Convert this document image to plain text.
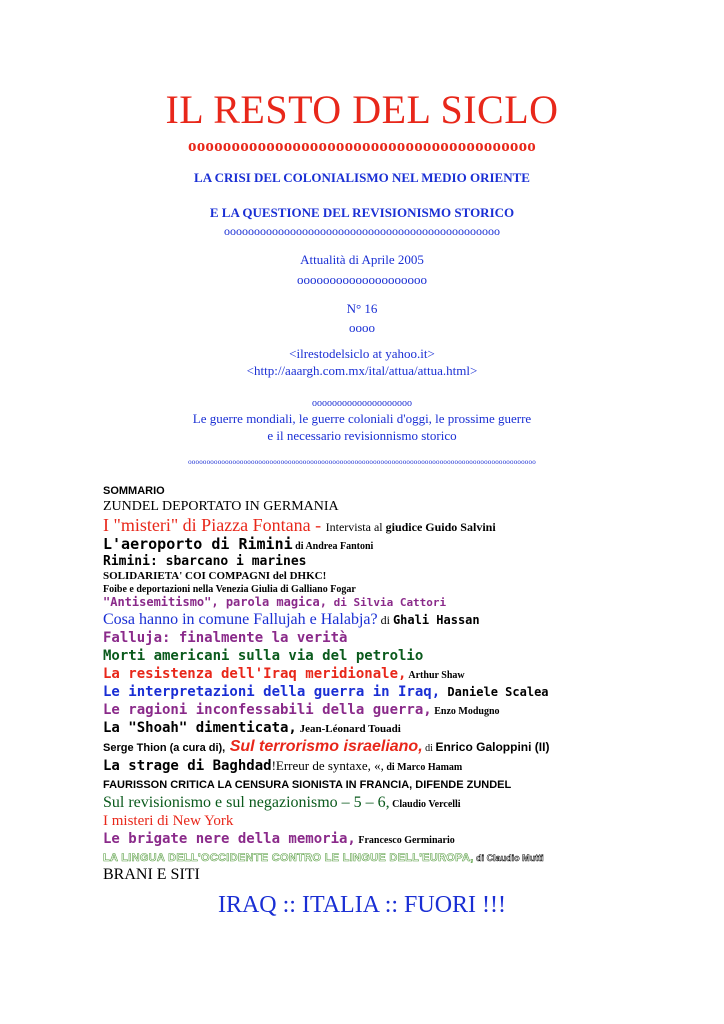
IL RESTO DEL SICLO
oooooooooooooooooooooooooooooooooooooooo
LA CRISI DEL COLONIALISMO NEL MEDIO ORIENTE
E LA QUESTIONE DEL REVISIONISMO STORICO
oooooooooooooooooooooooooooooooooooooooooooooo
Attualità di Aprile 2005
oooooooooooooooooooo
N° 16
oooo
<ilrestodelsiclo at yahoo.it>
<http://aaargh.com.mx/ital/attua/attua.html>
oooooooooooooooooooo
Le guerre mondiali, le guerre coloniali d'oggi, le prossime guerre
e il necessario revisionnismo storico
oooooooooooooooooooooooooooooooooooooooooooooooooooooooooooooooooooooooooooooooooooooooooooooo
SOMMARIO
ZUNDEL DEPORTATO IN GERMANIA
I "misteri" di Piazza Fontana - Intervista al giudice Guido Salvini
L'aeroporto di Rimini di Andrea Fantoni
Rimini: sbarcano i marines
SOLIDARIETA' COI COMPAGNI del DHKC!
Foibe e deportazioni nella Venezia Giulia di Galliano Fogar
"Antisemitismo", parola magica, di Silvia Cattori
Cosa hanno in comune Fallujah e Halabja? di Ghali Hassan
Falluja: finalmente la verità
Morti americani sulla via del petrolio
La resistenza dell'Iraq meridionale, Arthur Shaw
Le interpretazioni della guerra in Iraq, Daniele Scalea
Le ragioni inconfessabili della guerra, Enzo Modugno
La "Shoah" dimenticata, Jean-Léonard Touadi
Serge Thion (a cura di), Sul terrorismo israeliano, di Enrico Galoppini (II)
La strage di Baghdad!Erreur de syntaxe, «, di Marco Hamam
FAURISSON CRITICA LA CENSURA SIONISTA IN FRANCIA, DIFENDE ZUNDEL
Sul revisionismo e sul negazionismo – 5 – 6, Claudio Vercelli
I misteri di New York
Le brigate nere della memoria, Francesco Germinario
LA LINGUA DELL'OCCIDENTE CONTRO LE LINGUE DELL'EUROPA, di Claudio Mutti
BRANI E SITI
IRAQ :: ITALIA :: FUORI !!!
